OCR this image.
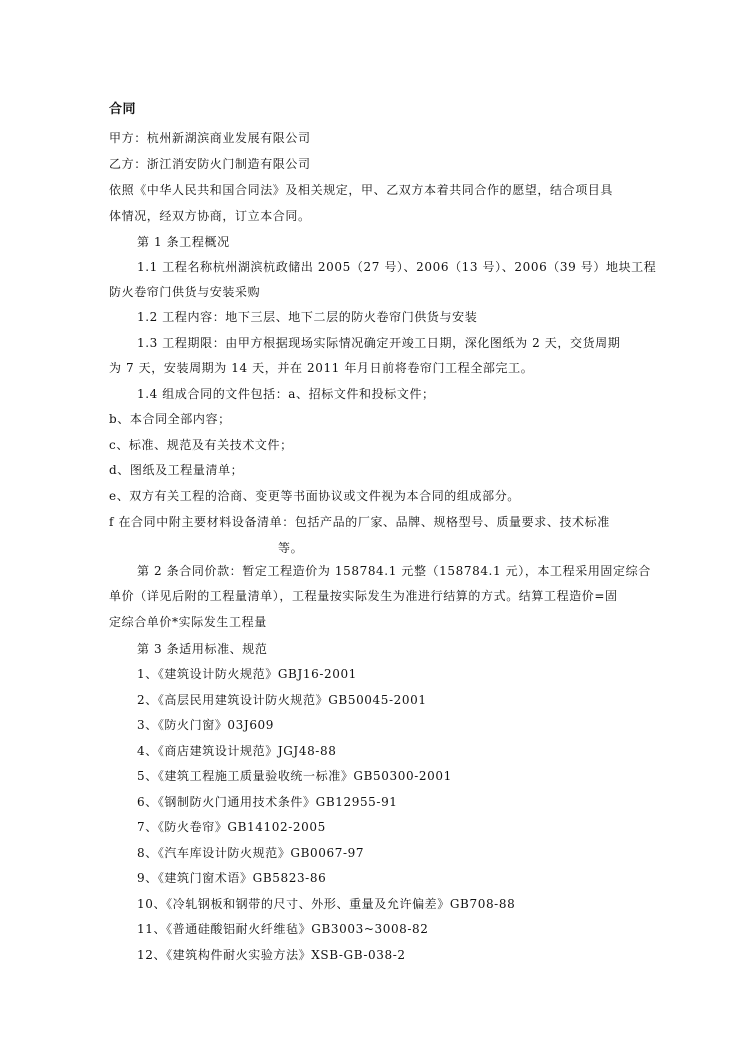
合同
甲方：杭州新湖滨商业发展有限公司
乙方：浙江消安防火门制造有限公司
依照《中华人民共和国合同法》及相关规定，甲、乙双方本着共同合作的愿望，结合项目具
体情况，经双方协商，订立本合同。
第 1 条工程概况
1.1 工程名称杭州湖滨杭政储出 2005（27 号）、2006（13 号）、2006（39 号）地块工程
防火卷帘门供货与安装采购
1.2 工程内容：地下三层、地下二层的防火卷帘门供货与安装
1.3 工程期限：由甲方根据现场实际情况确定开竣工日期，深化图纸为 2 天，交货周期
为 7 天，安装周期为 14 天，并在 2011 年月日前将卷帘门工程全部完工。
1.4 组成合同的文件包括：a、招标文件和投标文件；
b、本合同全部内容；
c、标准、规范及有关技术文件；
d、图纸及工程量清单；
e、双方有关工程的洽商、变更等书面协议或文件视为本合同的组成部分。
f 在合同中附主要材料设备清单：包括产品的厂家、品牌、规格型号、质量要求、技术标准
等。
第 2 条合同价款：暂定工程造价为 158784.1 元整（158784.1 元），本工程采用固定综合
单价（详见后附的工程量清单），工程量按实际发生为准进行结算的方式。结算工程造价=固
定综合单价*实际发生工程量
第 3 条适用标准、规范
1、《建筑设计防火规范》GBJ16-2001
2、《高层民用建筑设计防火规范》GB50045-2001
3、《防火门窗》03J609
4、《商店建筑设计规范》JGJ48-88
5、《建筑工程施工质量验收统一标准》GB50300-2001
6、《钢制防火门通用技术条件》GB12955-91
7、《防火卷帘》GB14102-2005
8、《汽车库设计防火规范》GB0067-97
9、《建筑门窗术语》GB5823-86
10、《冷轧钢板和钢带的尺寸、外形、重量及允许偏差》GB708-88
11、《普通硅酸铝耐火纤维毡》GB3003~3008-82
12、《建筑构件耐火实验方法》XSB-GB-038-2
